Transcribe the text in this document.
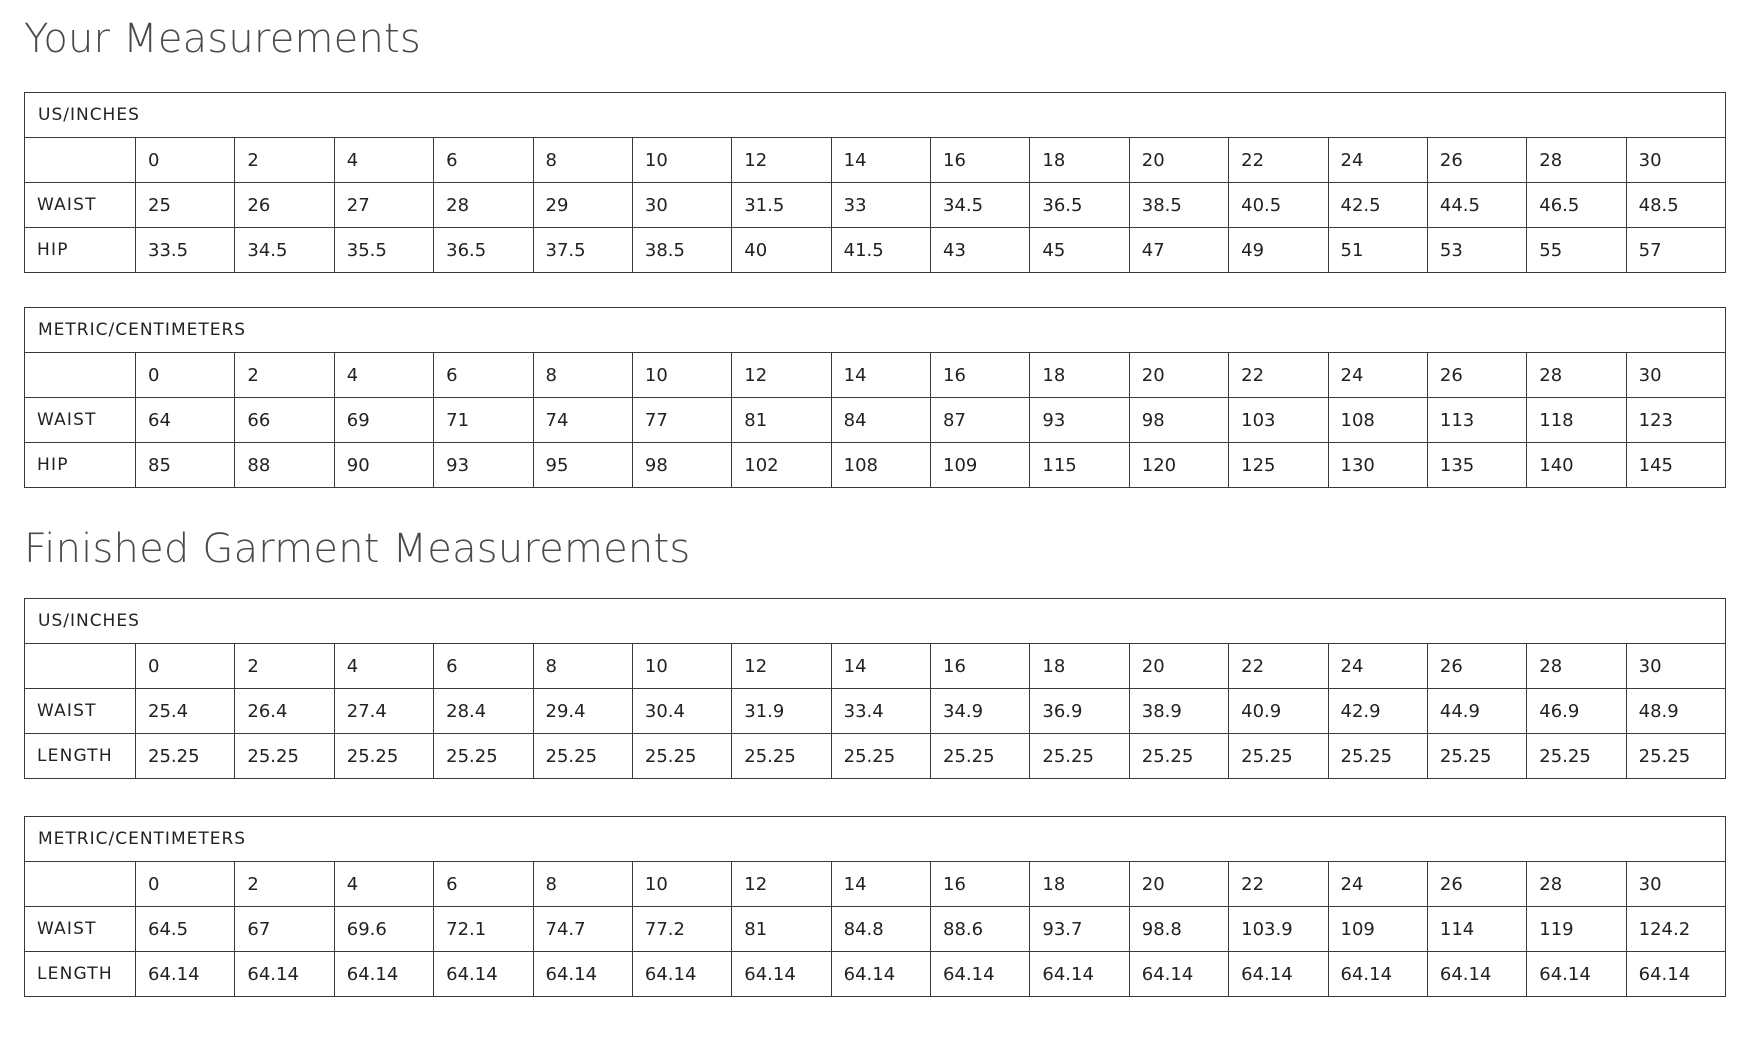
Your Measurements
US/INCHES																
	0	2	4	6	8	10	12	14	16	18	20	22	24	26	28	30
WAIST	25	26	27	28	29	30	31.5	33	34.5	36.5	38.5	40.5	42.5	44.5	46.5	48.5
HIP	33.5	34.5	35.5	36.5	37.5	38.5	40	41.5	43	45	47	49	51	53	55	57
METRIC/CENTIMETERS																
	0	2	4	6	8	10	12	14	16	18	20	22	24	26	28	30
WAIST	64	66	69	71	74	77	81	84	87	93	98	103	108	113	118	123
HIP	85	88	90	93	95	98	102	108	109	115	120	125	130	135	140	145
Finished Garment Measurements
US/INCHES																
	0	2	4	6	8	10	12	14	16	18	20	22	24	26	28	30
WAIST	25.4	26.4	27.4	28.4	29.4	30.4	31.9	33.4	34.9	36.9	38.9	40.9	42.9	44.9	46.9	48.9
LENGTH	25.25	25.25	25.25	25.25	25.25	25.25	25.25	25.25	25.25	25.25	25.25	25.25	25.25	25.25	25.25	25.25
METRIC/CENTIMETERS																
	0	2	4	6	8	10	12	14	16	18	20	22	24	26	28	30
WAIST	64.5	67	69.6	72.1	74.7	77.2	81	84.8	88.6	93.7	98.8	103.9	109	114	119	124.2
LENGTH	64.14	64.14	64.14	64.14	64.14	64.14	64.14	64.14	64.14	64.14	64.14	64.14	64.14	64.14	64.14	64.14
